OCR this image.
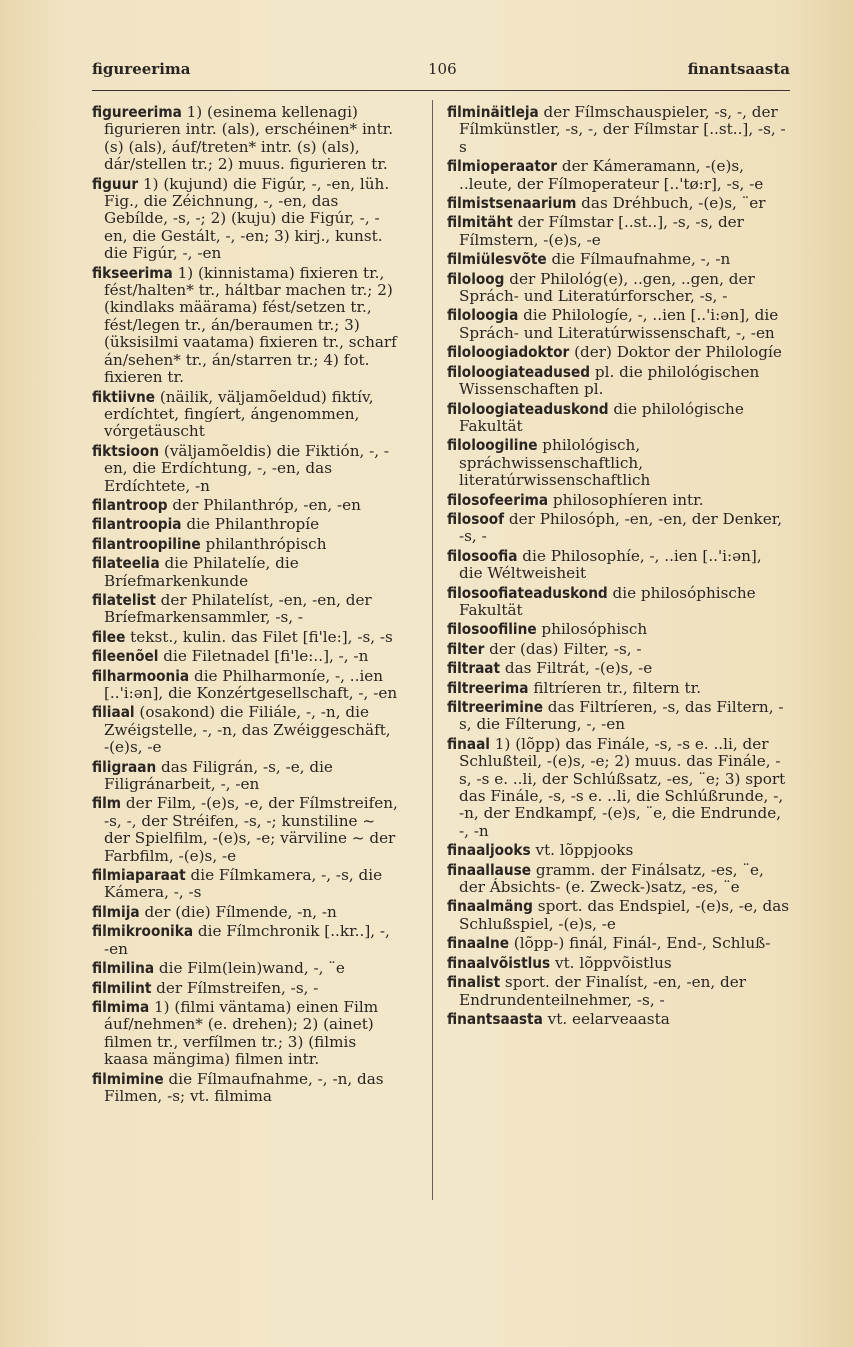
figureerima	106	finantsaasta

figureerima 1) (esinema kellenagi) figurieren intr. (als), erschéinen* intr. (s) (als), áuf/treten* intr. (s) (als), dár/stellen tr.; 2) muus. figurieren tr.

figuur 1) (kujund) die Figúr, -, -en, lüh. Fig., die Zéichnung, -, -en, das Gebílde, -s, -; 2) (kuju) die Figúr, -, -en, die Gestált, -, -en; 3) kirj., kunst. die Figúr, -, -en

fikseerima 1) (kinnistama) fixieren tr., fést/halten* tr., háltbar machen tr.; 2) (kindlaks määrama) fést/setzen tr., fést/legen tr., án/beraumen tr.; 3) (üksisilmi vaatama) fixieren tr., scharf án/sehen* tr., án/starren tr.; 4) fot. fixieren tr.

fiktiivne (näilik, väljamõeldud) fiktív, erdíchtet, fingíert, ángenommen, vórgetäuscht

fiktsioon (väljamõeldis) die Fiktión, -, -en, die Erdíchtung, -, -en, das Erdíchtete, -n

filantroop der Philanthróp, -en, -en

filantroopia die Philanthropíe

filantroopiline philanthrópisch

filateelia die Philatelíe, die Bríefmarkenkunde

filatelist der Philatelíst, -en, -en, der Bríefmarkensammler, -s, -

filee tekst., kulin. das Filet [fi'le:], -s, -s

fileenõel die Filetnadel [fi'le:..], -, -n

filharmoonia die Philharmoníe, -, ..ien [..'i:ən], die Konzértgesellschaft, -, -en

filiaal (osakond) die Filiále, -, -n, die Zwéigstelle, -, -n, das Zwéiggeschäft, -(e)s, -e

filigraan das Filigrán, -s, -e, die Filigránarbeit, -, -en

film der Film, -(e)s, -e, der Fílmstreifen, -s, -, der Stréifen, -s, -; kunstiline ~ der Spielfilm, -(e)s, -e; värviline ~ der Farbfilm, -(e)s, -e

filmiaparaat die Fílmkamera, -, -s, die Kámera, -, -s

filmija der (die) Fílmende, -n, -n

filmikroonika die Fílmchronik [..kr..], -, -en

filmilina die Film(lein)wand, -, ¨e

filmilint der Fílmstreifen, -s, -

filmima 1) (filmi väntama) einen Film áuf/nehmen* (e. drehen); 2) (ainet) filmen tr., verfílmen tr.; 3) (filmis kaasa mängima) filmen intr.

filmimine die Fílmaufnahme, -, -n, das Filmen, -s; vt. filmima

filminäitleja der Fílmschauspieler, -s, -, der Fílmkünstler, -s, -, der Fílmstar [..st..], -s, -s

filmioperaator der Kámeramann, -(e)s, ..leute, der Fílmoperateur [..'tø:r], -s, -e

filmistsenaarium das Dréhbuch, -(e)s, ¨er

filmitäht der Fílmstar [..st..], -s, -s, der Fílmstern, -(e)s, -e

filmiülesvõte die Fílmaufnahme, -, -n

filoloog der Philológ(e), ..gen, ..gen, der Sprách- und Literatúrforscher, -s, -

filoloogia die Philologíe, -, ..ien [..'i:ən], die Sprách- und Literatúrwissenschaft, -, -en

filoloogiadoktor (der) Doktor der Philologíe

filoloogiateadused pl. die philológischen Wissenschaften pl.

filoloogiateaduskond die philológische Fakultät

filoloogiline philológisch, spráchwissenschaftlich, literatúrwissenschaftlich

filosofeerima philosophíeren intr.

filosoof der Philosóph, -en, -en, der Denker, -s, -

filosoofia die Philosophíe, -, ..ien [..'i:ən], die Wéltweisheit

filosoofiateaduskond die philosóphische Fakultät

filosoofiline philosóphisch

filter der (das) Filter, -s, -

filtraat das Filtrát, -(e)s, -e

filtreerima filtríeren tr., filtern tr.

filtreerimine das Filtríeren, -s, das Filtern, -s, die Fílterung, -, -en

finaal 1) (lõpp) das Finále, -s, -s e. ..li, der Schlußteil, -(e)s, -e; 2) muus. das Finále, -s, -s e. ..li, der Schlúßsatz, -es, ¨e; 3) sport das Finále, -s, -s e. ..li, die Schlúßrunde, -, -n, der Endkampf, -(e)s, ¨e, die Endrunde, -, -n

finaaljooks vt. lõppjooks

finaallause gramm. der Finálsatz, -es, ¨e, der Ábsichts- (e. Zweck-)satz, -es, ¨e

finaalmäng sport. das Endspiel, -(e)s, -e, das Schlußspiel, -(e)s, -e

finaalne (lõpp-) finál, Finál-, End-, Schluß-

finaalvõistlus vt. lõppvõistlus

finalist sport. der Finalíst, -en, -en, der Endrundenteilnehmer, -s, -

finantsaasta vt. eelarveaasta
